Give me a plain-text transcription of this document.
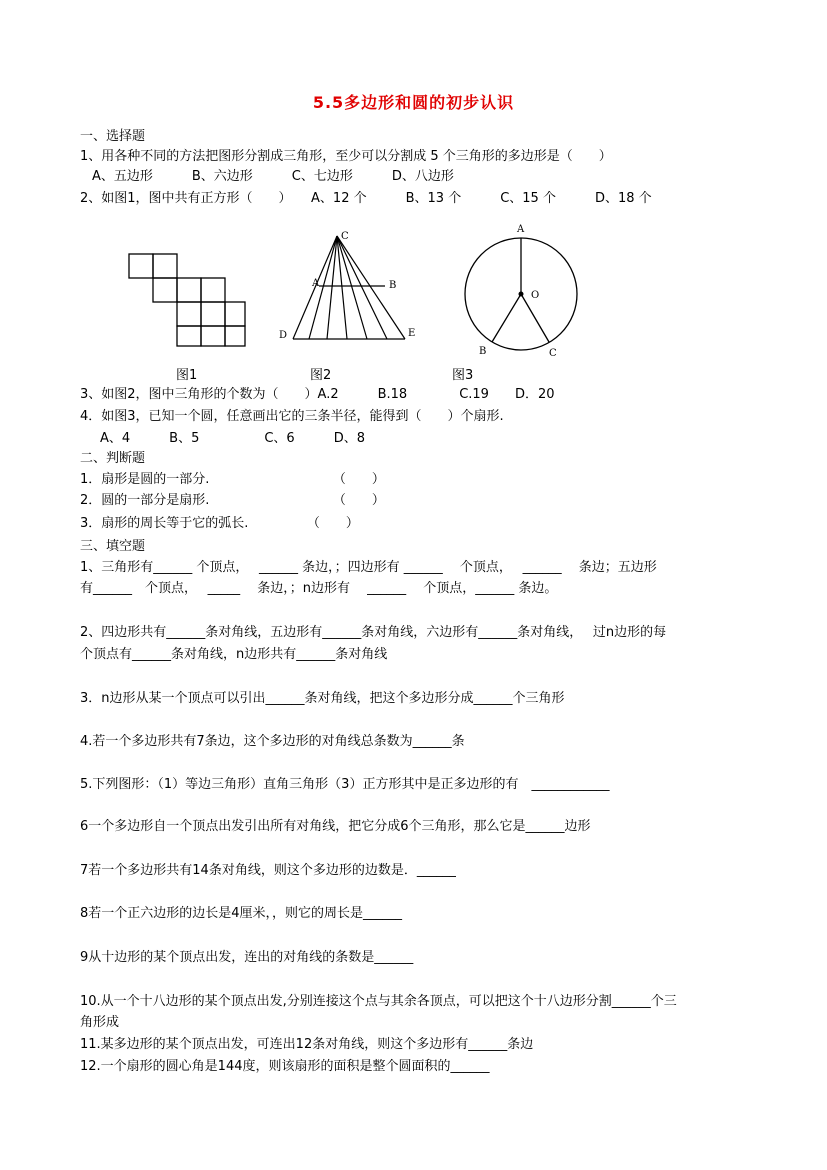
5.5多边形和圆的初步认识
一、选择题
1、用各种不同的方法把图形分割成三角形，至少可以分割成 5 个三角形的多边形是（　　）
A、五边形　　　B、六边形　　　C、七边形　　　D、八边形
2、如图1，图中共有正方形（　　）　　A、12 个　　　B、13 个　　　C、15 个　　　D、18 个
图1
C
A	B
D	E
图2
A
O
B	C
图3
3、如图2，图中三角形的个数为（　　）A.2　　　B.18　　　　C.19　　D．20
4．如图3，已知一个圆，任意画出它的三条半径，能得到（　　）个扇形.
A、4　　　B、5　　　　　C、6　　　D、8
二、判断题
1．扇形是圆的一部分.　　　　　　　　　　（　　）
2．圆的一部分是扇形.　　　　　　　　　　（　　）
3．扇形的周长等于它的弧长.　　　　　（　　）
三、填空题
1、三角形有______ 个顶点，　 ______ 条边，；四边形有 ______　 个顶点，　 ______　 条边；五边形
有______　个顶点，　 _____　 条边，；n边形有　 ______　 个顶点，______ 条边。
2、四边形共有______条对角线，五边形有______条对角线，六边形有______条对角线，　 过n边形的每
个顶点有______条对角线，n边形共有______条对角线
3．n边形从某一个顶点可以引出______条对角线，把这个多边形分成______个三角形
4.若一个多边形共有7条边，这个多边形的对角线总条数为______条
5.下列图形：（1）等边三角形）直角三角形（3）正方形其中是正多边形的有　____________
6一个多边形自一个顶点出发引出所有对角线，把它分成6个三角形，那么它是______边形
7若一个多边形共有14条对角线，则这个多边形的边数是．______
8若一个正六边形的边长是4厘米，，则它的周长是______
9从十边形的某个顶点出发，连出的对角线的条数是______
10.从一个十八边形的某个顶点出发,分别连接这个点与其余各顶点，可以把这个十八边形分割______个三
角形成
11.某多边形的某个顶点出发，可连出12条对角线，则这个多边形有______条边
12.一个扇形的圆心角是144度，则该扇形的面积是整个圆面积的______
